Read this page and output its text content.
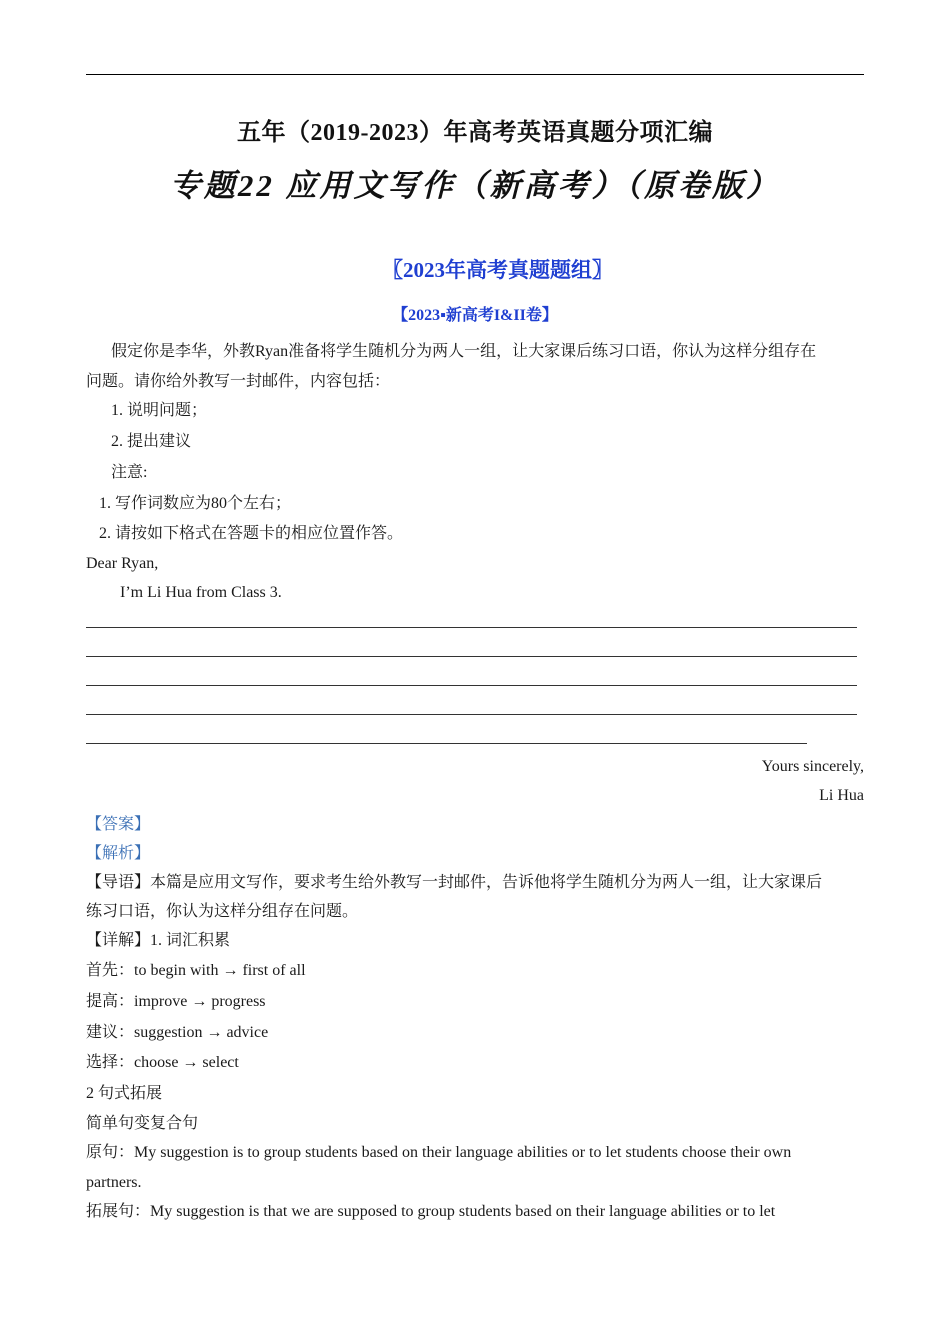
五年（2019-2023）年高考英语真题分项汇编
专题22 应用文写作（新高考）（原卷版）
〖2023年高考真题题组〗
【2023▪新高考I&II卷】
假定你是李华，外教Ryan准备将学生随机分为两人一组，让大家课后练习口语，你认为这样分组存在
问题。请你给外教写一封邮件，内容包括：
1. 说明问题；
2. 提出建议
注意:
1. 写作词数应为80个左右；
2. 请按如下格式在答题卡的相应位置作答。
Dear Ryan,
I’m Li Hua from Class 3.
Yours sincerely,
Li Hua
【答案】
【解析】
【导语】本篇是应用文写作，要求考生给外教写一封邮件，告诉他将学生随机分为两人一组，让大家课后
练习口语，你认为这样分组存在问题。
【详解】1. 词汇积累
首先：to begin with → first of all
提高：improve → progress
建议：suggestion → advice
选择：choose → select
2 句式拓展
简单句变复合句
原句：My suggestion is to group students based on their language abilities or to let students choose their own
partners.
拓展句：My suggestion is that we are supposed to group students based on their language abilities or to let
